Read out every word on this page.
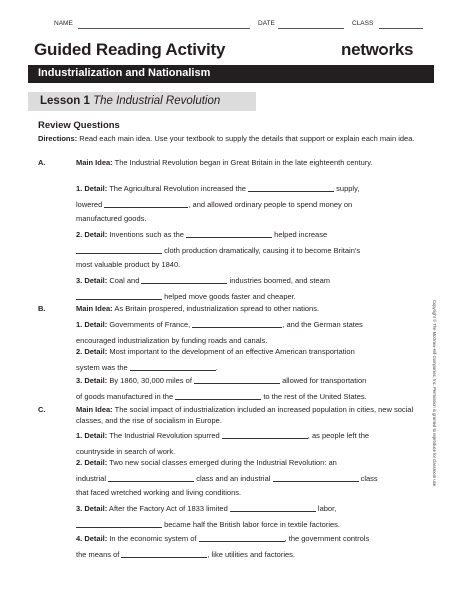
NAME	DATE	CLASS
Guided Reading Activity	netw rks
Industrialization and Nationalism
Lesson 1 The Industrial Revolution
Review Questions
Directions: Read each main idea. Use your textbook to supply the details that support or explain each main idea.
A.	Main Idea: The Industrial Revolution began in Great Britain in the late eighteenth century.
1. Detail: The Agricultural Revolution increased the	supply,
lowered	, and allowed ordinary people to spend money on
manufactured goods.
2. Detail: Inventions such as the	helped increase
cloth production dramatically, causing it to become Britain’s
most valuable product by 1840.
3. Detail: Coal and	industries boomed, and steam
helped move goods faster and cheaper.
B.	Main Idea: As Britain prospered, industrialization spread to other nations.
1. Detail: Governments of France,	, and the German states
encouraged industrialization by funding roads and canals.
2. Detail: Most important to the development of an effective American transportation
system was the	.
3. Detail: By 1860, 30,000 miles of	allowed for transportation
of goods manufactured in the	to the rest of the United States.
C.	Main Idea: The social impact of industrialization included an increased population in cities, new social classes, and the rise of socialism in Europe.
1. Detail: The Industrial Revolution spurred	, as people left the
countryside in search of work.
2. Detail: Two new social classes emerged during the Industrial Revolution: an
industrial	class and an industrial	class
that faced wretched working and living conditions.
3. Detail: After the Factory Act of 1833 limited	labor,
became half the British labor force in textile factories.
4. Detail: In the economic system of	, the government controls
the means of	, like utilities and factories.
Copyright © The McGraw-Hill Companies, Inc. Permission is granted to reproduce for classroom use.
